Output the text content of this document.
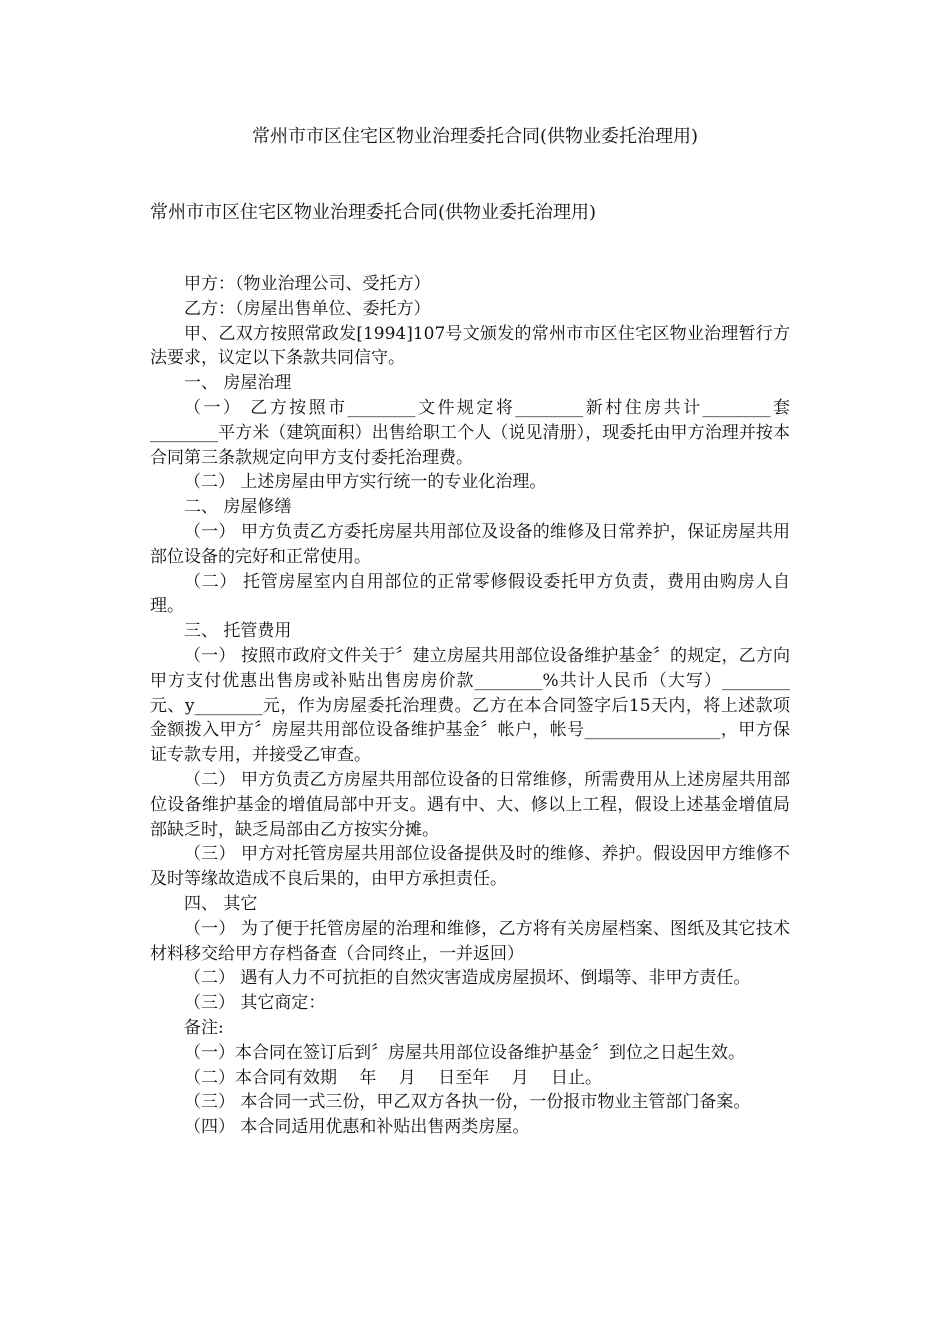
常州市市区住宅区物业治理委托合同(供物业委托治理用)
常州市市区住宅区物业治理委托合同(供物业委托治理用)

甲方：（物业治理公司、受托方）

乙方：（房屋出售单位、委托方）

甲、乙双方按照常政发[1994]107号文颁发的常州市市区住宅区物业治理暂行方法要求，议定以下条款共同信守。

一、 房屋治理

（一） 乙方按照市________文件规定将________新村住房共计________套________平方米（建筑面积）出售给职工个人（说见清册），现委托由甲方治理并按本合同第三条款规定向甲方支付委托治理费。

（二） 上述房屋由甲方实行统一的专业化治理。

二、 房屋修缮

（一） 甲方负责乙方委托房屋共用部位及设备的维修及日常养护，保证房屋共用部位设备的完好和正常使用。

（二） 托管房屋室内自用部位的正常零修假设委托甲方负责，费用由购房人自理。

三、 托管费用

（一） 按照市政府文件关于〞建立房屋共用部位设备维护基金〞的规定，乙方向甲方支付优惠出售房或补贴出售房房价款________%共计人民币（大写）________元、y________元，作为房屋委托治理费。乙方在本合同签字后15天内，将上述款项金额拨入甲方〞房屋共用部位设备维护基金〞帐户，帐号________________，甲方保证专款专用，并接受乙审查。

（二） 甲方负责乙方房屋共用部位设备的日常维修，所需费用从上述房屋共用部位设备维护基金的增值局部中开支。遇有中、大、修以上工程，假设上述基金增值局部缺乏时，缺乏局部由乙方按实分摊。

（三） 甲方对托管房屋共用部位设备提供及时的维修、养护。假设因甲方维修不及时等缘故造成不良后果的，由甲方承担责任。

四、 其它

（一） 为了便于托管房屋的治理和维修，乙方将有关房屋档案、图纸及其它技术材料移交给甲方存档备查（合同终止，一并返回）

（二） 遇有人力不可抗拒的自然灾害造成房屋损坏、倒塌等、非甲方责任。

（三） 其它商定：

备注:

（一）本合同在签订后到〞房屋共用部位设备维护基金〞到位之日起生效。

（二）本合同有效期 　年　 月　 日至年 　月　 日止。

（三） 本合同一式三份，甲乙双方各执一份，一份报市物业主管部门备案。

（四） 本合同适用优惠和补贴出售两类房屋。
